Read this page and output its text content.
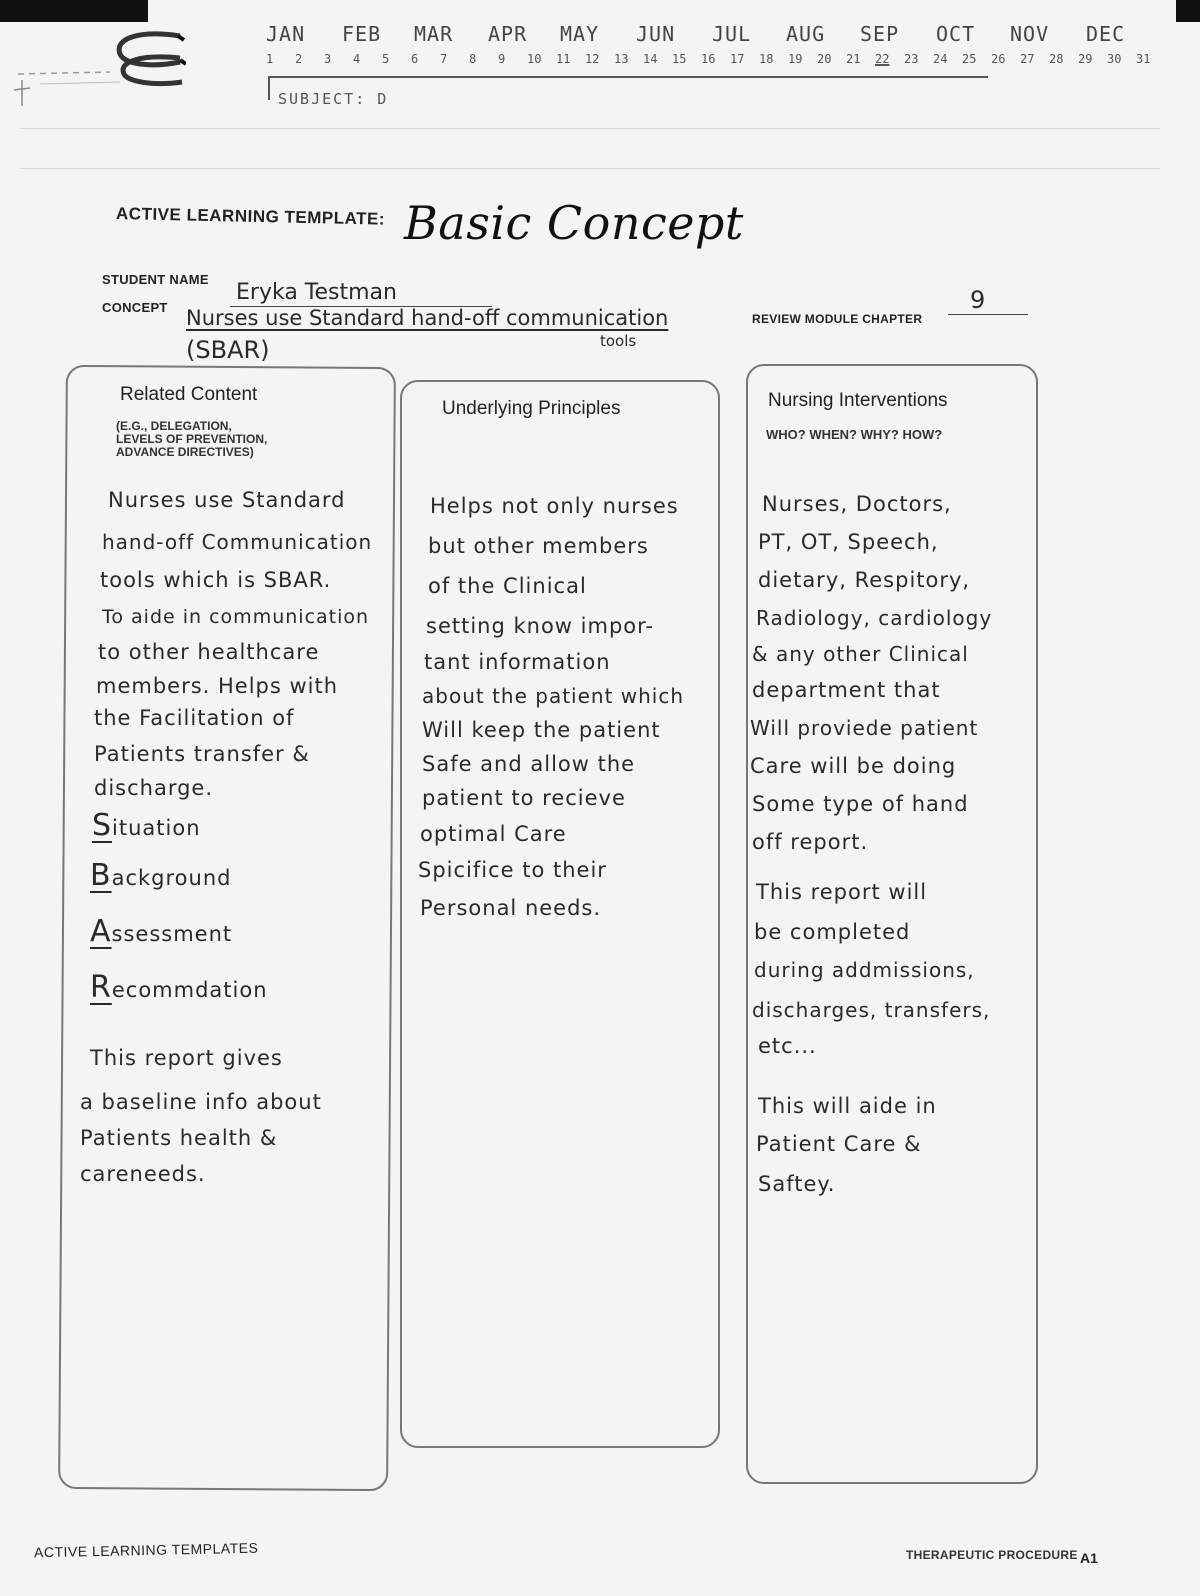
JAN FEB MAR APR MAY JUN JUL AUG SEP OCT NOV DEC
1 2 3 4 5 6 7 8 9 10 11 12 13 14 15 16 17 18 19 20 21 22 23 24 25 26 27 28 29 30 31
SUBJECT: D
ACTIVE LEARNING TEMPLATE: Basic Concept
STUDENT NAME
Eryka Testman
CONCEPT Nurses use Standard hand-off communication
tools
(SBAR)
REVIEW MODULE CHAPTER
9
Related Content
(E.G., DELEGATION,
LEVELS OF PREVENTION,
ADVANCE DIRECTIVES)
Underlying Principles	Nursing Interventions
WHO? WHEN? WHY? HOW?
Nurses use Standard
hand-off Communication
tools which is SBAR.
To aide in communication
to other healthcare
members. Helps with
the Facilitation of
Patients transfer &
discharge.
Situation
Background
Assessment
Recommdation
This report gives
a baseline info about
Patients health &
careneeds.
Helps not only nurses
but other members
of the Clinical
setting know impor-
tant information
about the patient which
Will keep the patient
Safe and allow the
patient to recieve
optimal Care
Spicifice to their
Personal needs.
Nurses, Doctors,
PT, OT, Speech,
dietary, Respitory,
Radiology, cardiology
& any other Clinical
department that
Will proviede patient
Care will be doing
Some type of hand
off report.
This report will
be completed
during addmissions,
discharges, transfers,
etc...
This will aide in
Patient Care &
Saftey.
ACTIVE LEARNING TEMPLATES	THERAPEUTIC PROCEDURE A1
